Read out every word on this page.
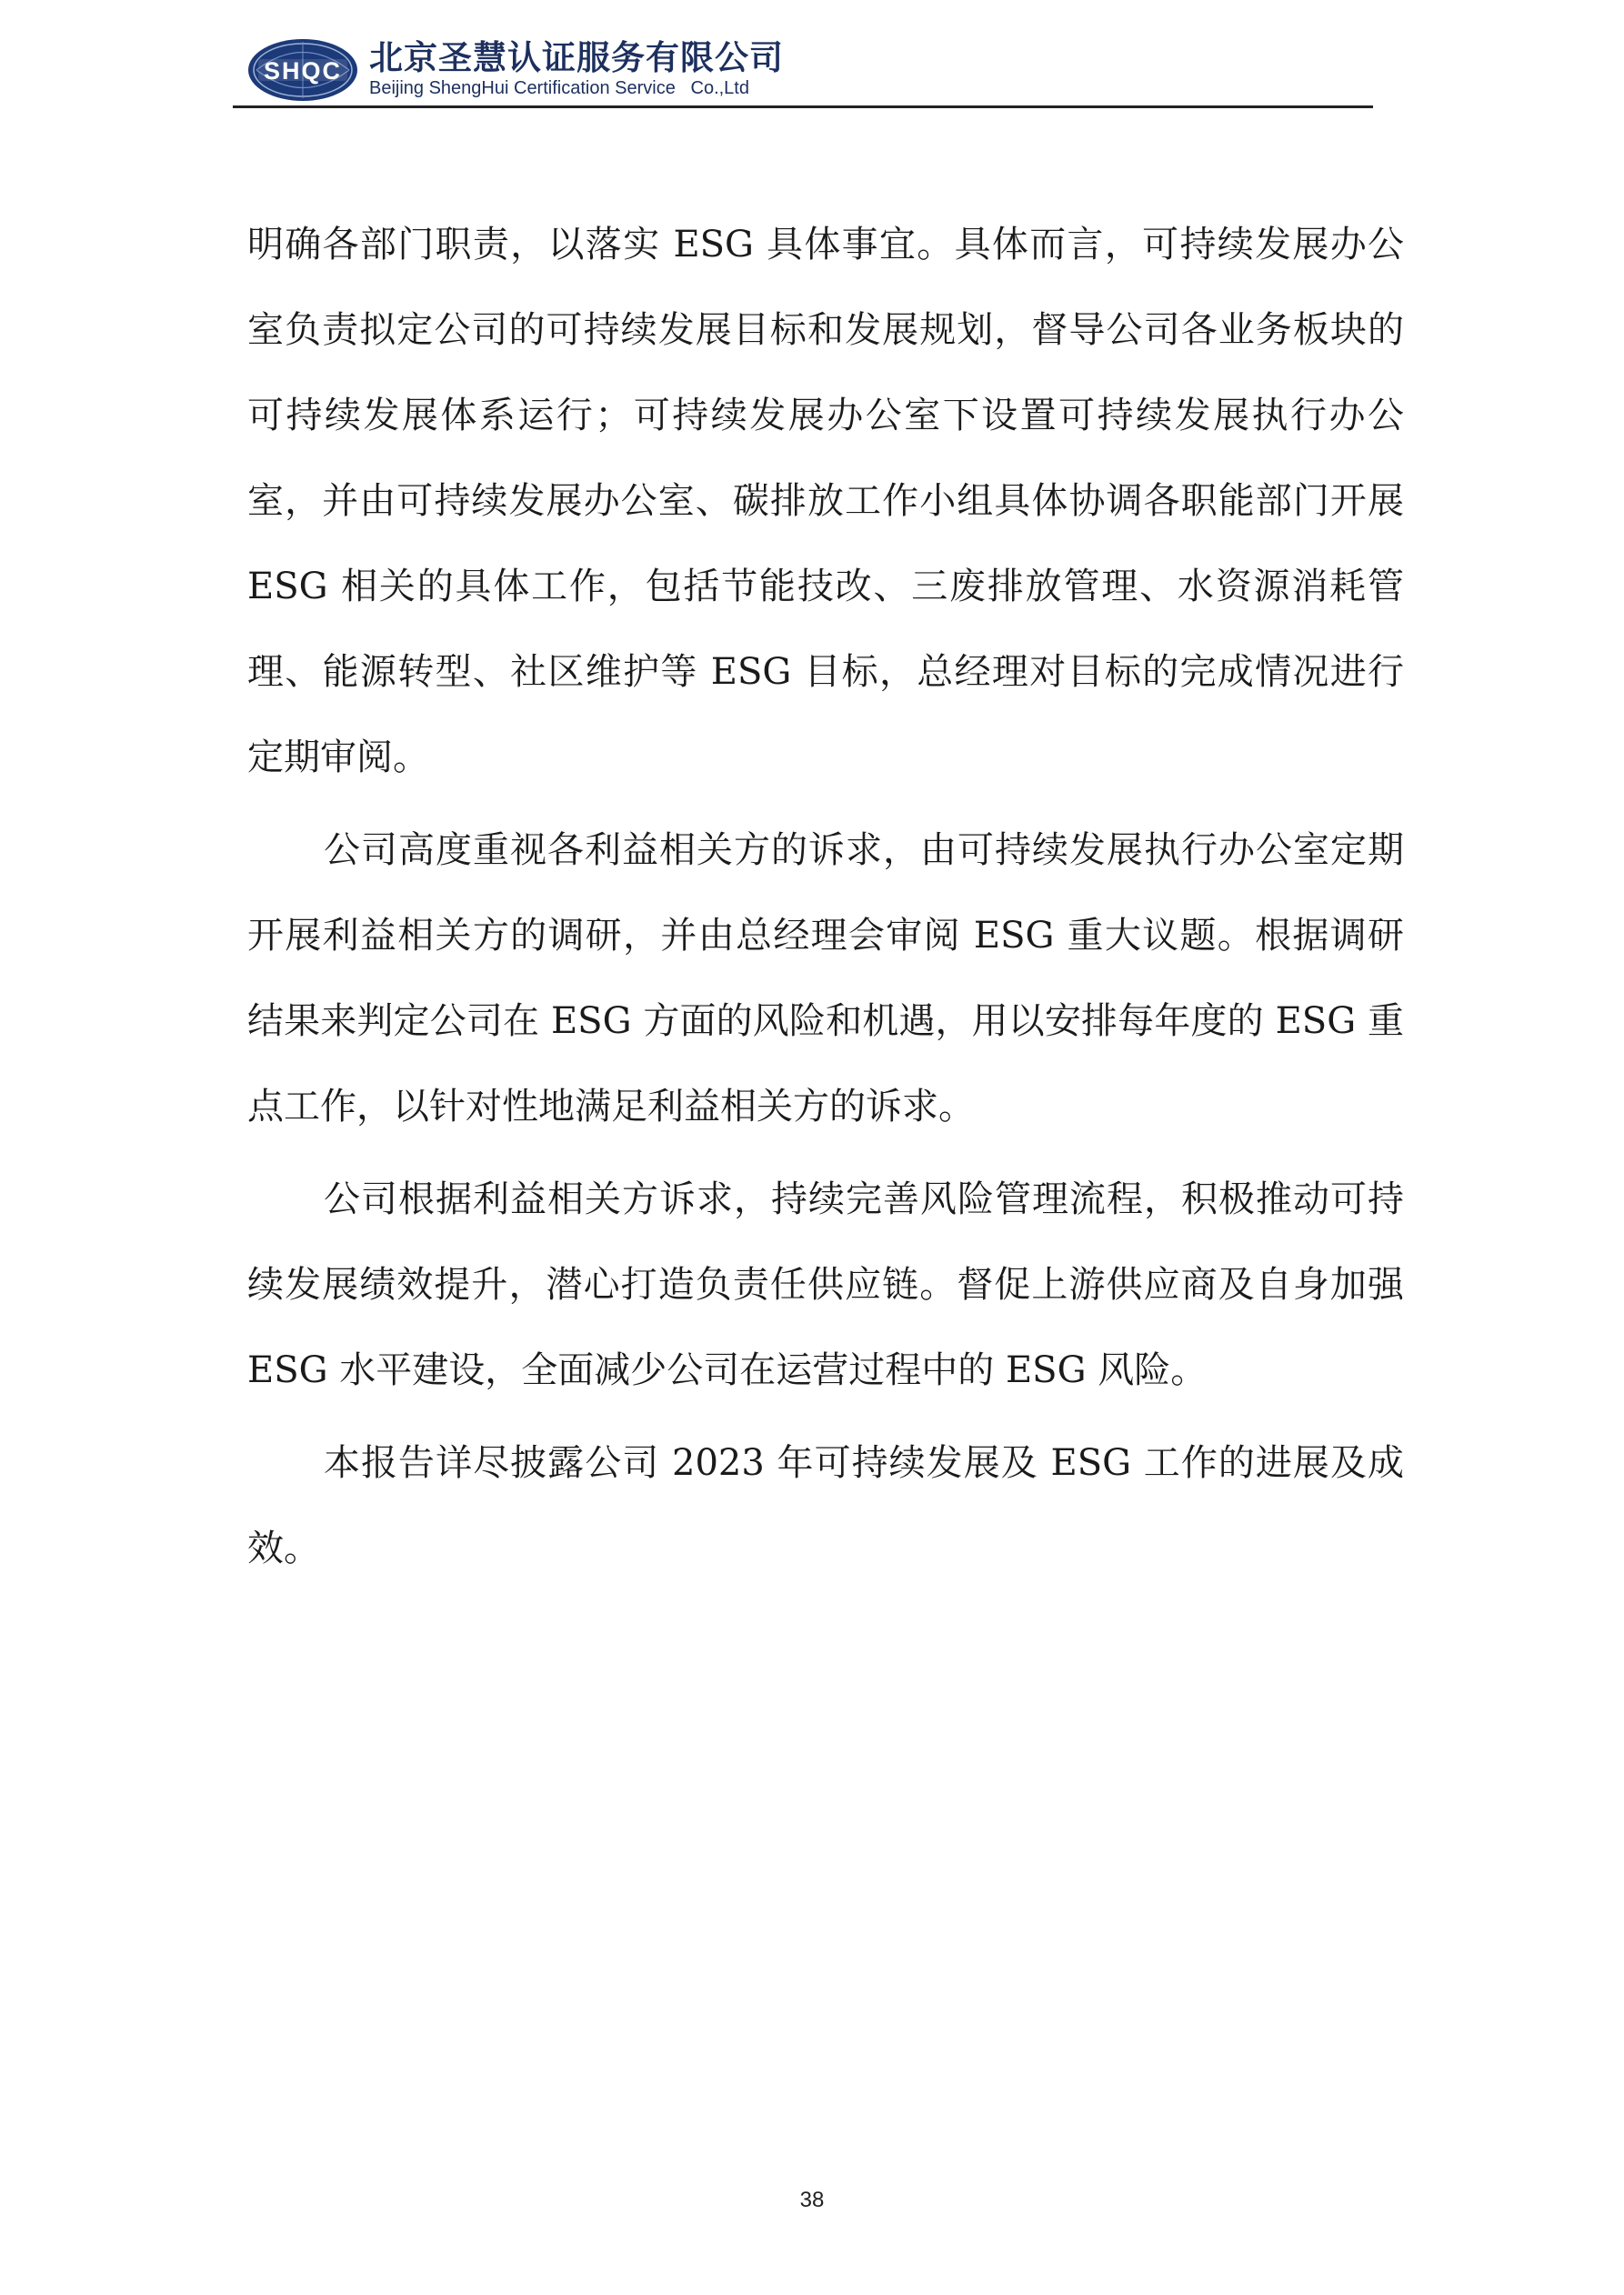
SHQC 北京圣慧认证服务有限公司
Beijing ShengHui Certification Service   Co.,Ltd

明确各部门职责，以落实 ESG 具体事宜。具体而言，可持续发展办公室负责拟定公司的可持续发展目标和发展规划，督导公司各业务板块的可持续发展体系运行；可持续发展办公室下设置可持续发展执行办公室，并由可持续发展办公室、碳排放工作小组具体协调各职能部门开展 ESG 相关的具体工作，包括节能技改、三废排放管理、水资源消耗管理、能源转型、社区维护等 ESG 目标，总经理对目标的完成情况进行定期审阅。

公司高度重视各利益相关方的诉求，由可持续发展执行办公室定期开展利益相关方的调研，并由总经理会审阅 ESG 重大议题。根据调研结果来判定公司在 ESG 方面的风险和机遇，用以安排每年度的 ESG 重点工作，以针对性地满足利益相关方的诉求。

公司根据利益相关方诉求，持续完善风险管理流程，积极推动可持续发展绩效提升，潜心打造负责任供应链。督促上游供应商及自身加强 ESG 水平建设，全面减少公司在运营过程中的 ESG 风险。

本报告详尽披露公司 2023 年可持续发展及 ESG 工作的进展及成效。

38
